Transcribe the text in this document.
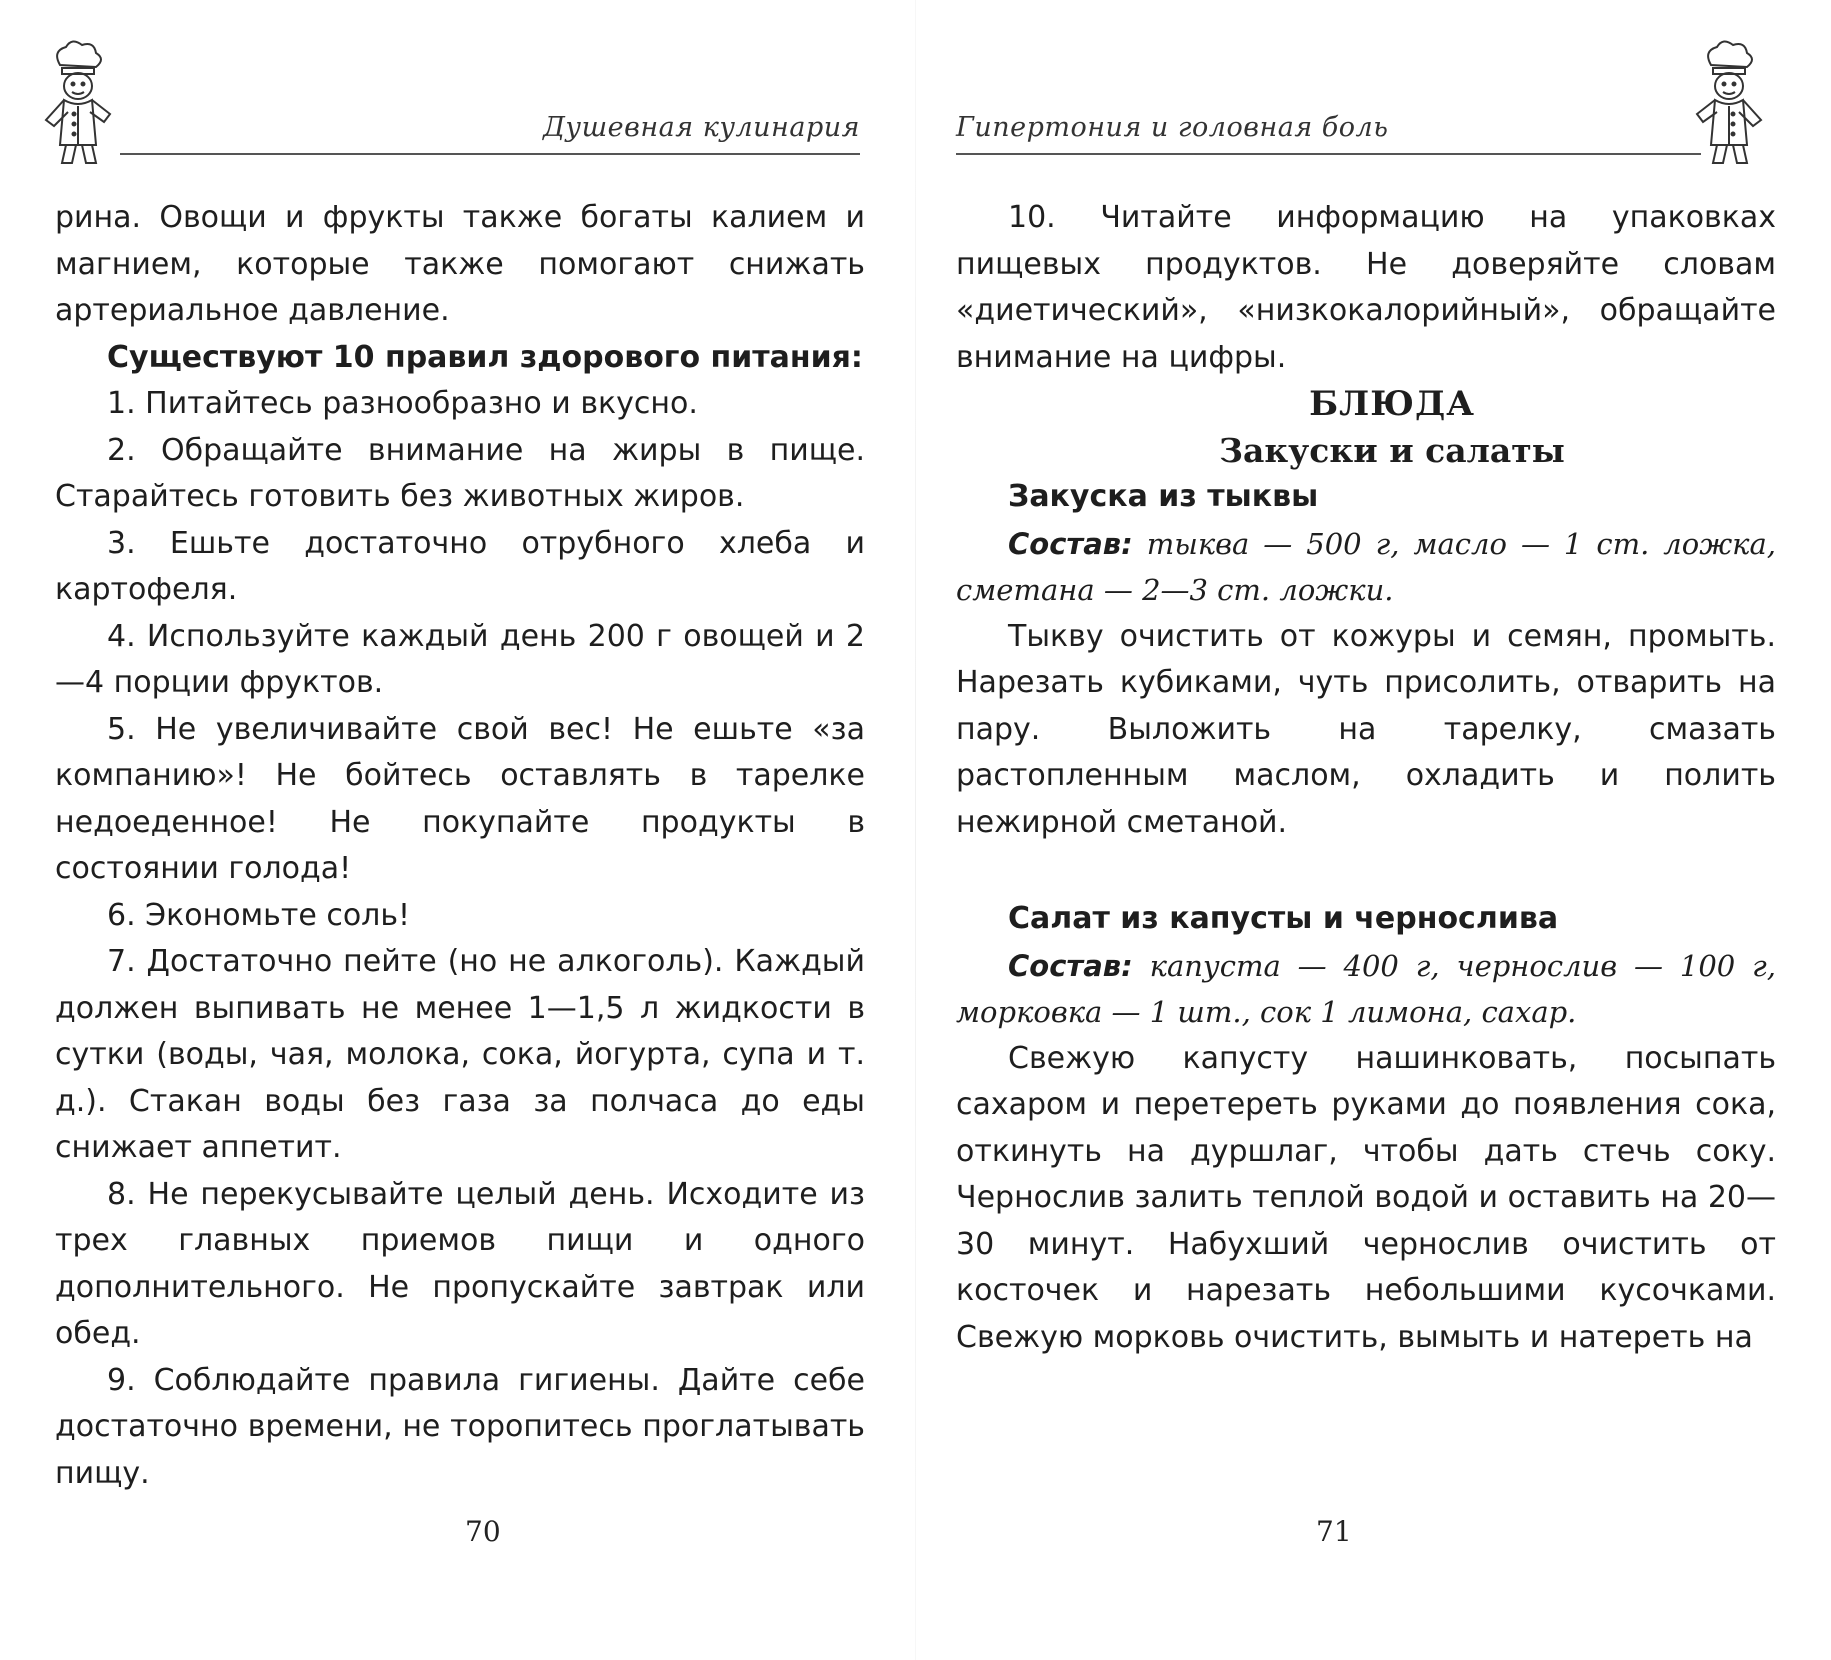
Душевная кулинария

рина. Овощи и фрукты также богаты калием и магнием, которые также помогают снижать артериальное давление.

Существуют 10 правил здорового питания:

1. Питайтесь разнообразно и вкусно.

2. Обращайте внимание на жиры в пище. Старайтесь готовить без животных жиров.

3. Ешьте достаточно отрубного хлеба и картофеля.

4. Используйте каждый день 200 г овощей и 2—4 порции фруктов.

5. Не увеличивайте свой вес! Не ешьте «за компанию»! Не бойтесь оставлять в тарелке недоеденное! Не покупайте продукты в состоянии голода!

6. Экономьте соль!

7. Достаточно пейте (но не алкоголь). Каждый должен выпивать не менее 1—1,5 л жидкости в сутки (воды, чая, молока, сока, йогурта, супа и т. д.). Стакан воды без газа за полчаса до еды снижает аппетит.

8. Не перекусывайте целый день. Исходите из трех главных приемов пищи и одного дополнительного. Не пропускайте завтрак или обед.

9. Соблюдайте правила гигиены. Дайте себе достаточно времени, не торопитесь проглатывать пищу.

70
Гипертония и головная боль

10. Читайте информацию на упаковках пищевых продуктов. Не доверяйте словам «диетический», «низкокалорийный», обращайте внимание на цифры.

БЛЮДА

Закуски и салаты

Закуска из тыквы

Состав: тыква — 500 г, масло — 1 ст. ложка, сметана — 2—3 ст. ложки.

Тыкву очистить от кожуры и семян, промыть. Нарезать кубиками, чуть присолить, отварить на пару. Выложить на тарелку, смазать растопленным маслом, охладить и полить нежирной сметаной.

Салат из капусты и чернослива

Состав: капуста — 400 г, чернослив — 100 г, морковка — 1 шт., сок 1 лимона, сахар.

Свежую капусту нашинковать, посыпать сахаром и перетереть руками до появления сока, откинуть на дуршлаг, чтобы дать стечь соку. Чернослив залить теплой водой и оставить на 20—30 минут. Набухший чернослив очистить от косточек и нарезать небольшими кусочками. Свежую морковь очистить, вымыть и натереть на

71
